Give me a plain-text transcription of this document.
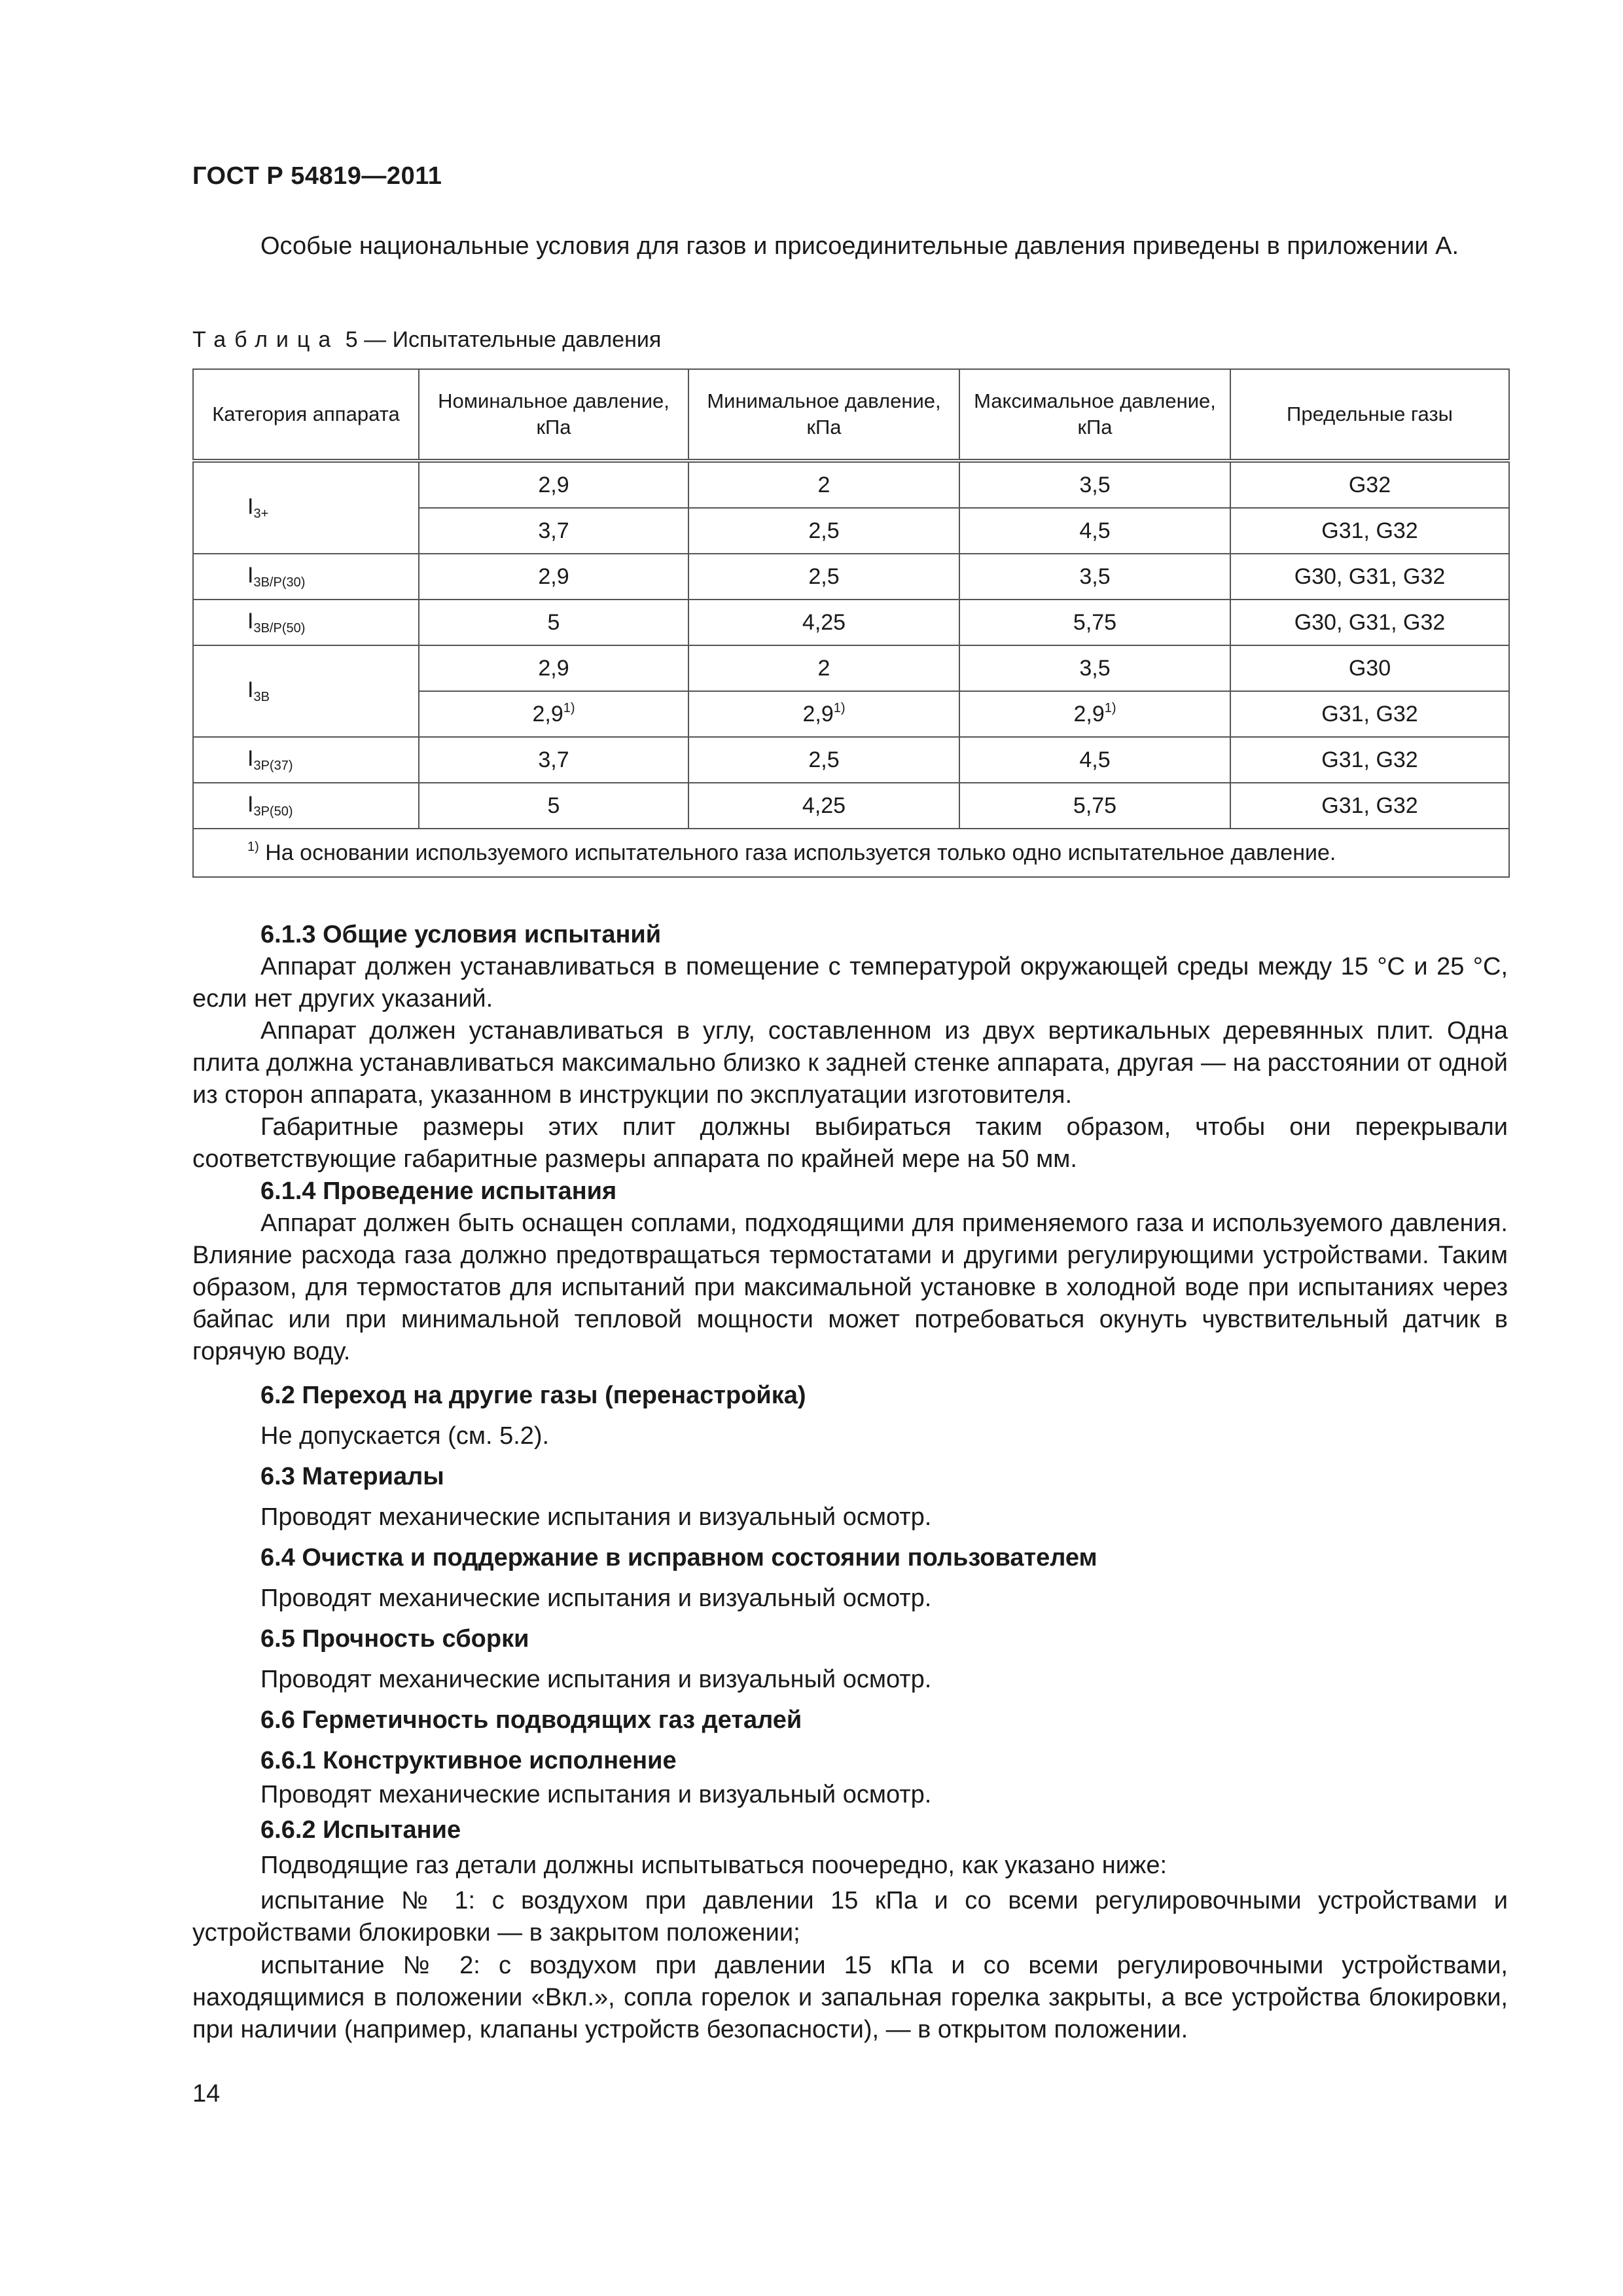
ГОСТ Р 54819—2011

Особые национальные условия для газов и присоединительные давления приведены в приложении А.

Таблица 5 — Испытательные давления
Категория аппарата	Номинальное давление, кПа	Минимальное давление, кПа	Максимальное давление, кПа	Предельные газы
$I_{3+}$	2,9	2	3,5	G32
	3,7	2,5	4,5	G31, G32
$I_{3B/P(30)}$	2,9	2,5	3,5	G30, G31, G32
$I_{3B/P(50)}$	5	4,25	5,75	G30, G31, G32
$I_{3B}$	2,9	2	3,5	G30
	2,9$^{1)}$	2,9$^{1)}$	2,9$^{1)}$	G31, G32
$I_{3P(37)}$	3,7	2,5	4,5	G31, G32
$I_{3P(50)}$	5	4,25	5,75	G31, G32
$^{1)}$ На основании используемого испытательного газа используется только одно испытательное давление.				
6.1.3 Общие условия испытаний

Аппарат должен устанавливаться в помещение с температурой окружающей среды между 15 °С и 25 °С, если нет других указаний.

Аппарат должен устанавливаться в углу, составленном из двух вертикальных деревянных плит. Одна плита должна устанавливаться максимально близко к задней стенке аппарата, другая — на расстоянии от одной из сторон аппарата, указанном в инструкции по эксплуатации изготовителя.

Габаритные размеры этих плит должны выбираться таким образом, чтобы они перекрывали соответствующие габаритные размеры аппарата по крайней мере на 50 мм.

6.1.4 Проведение испытания

Аппарат должен быть оснащен соплами, подходящими для применяемого газа и используемого давления. Влияние расхода газа должно предотвращаться термостатами и другими регулирующими устройствами. Таким образом, для термостатов для испытаний при максимальной установке в холодной воде при испытаниях через байпас или при минимальной тепловой мощности может потребоваться окунуть чувствительный датчик в горячую воду.

6.2 Переход на другие газы (перенастройка)
Не допускается (см. 5.2).
6.3 Материалы
Проводят механические испытания и визуальный осмотр.
6.4 Очистка и поддержание в исправном состоянии пользователем
Проводят механические испытания и визуальный осмотр.
6.5 Прочность сборки
Проводят механические испытания и визуальный осмотр.
6.6 Герметичность подводящих газ деталей
6.6.1 Конструктивное исполнение
Проводят механические испытания и визуальный осмотр.
6.6.2 Испытание
Подводящие газ детали должны испытываться поочередно, как указано ниже:

испытание № 1: с воздухом при давлении 15 кПа и со всеми регулировочными устройствами и устройствами блокировки — в закрытом положении;

испытание № 2: с воздухом при давлении 15 кПа и со всеми регулировочными устройствами, находящимися в положении «Вкл.», сопла горелок и запальная горелка закрыты, а все устройства блокировки, при наличии (например, клапаны устройств безопасности), — в открытом положении.

14
